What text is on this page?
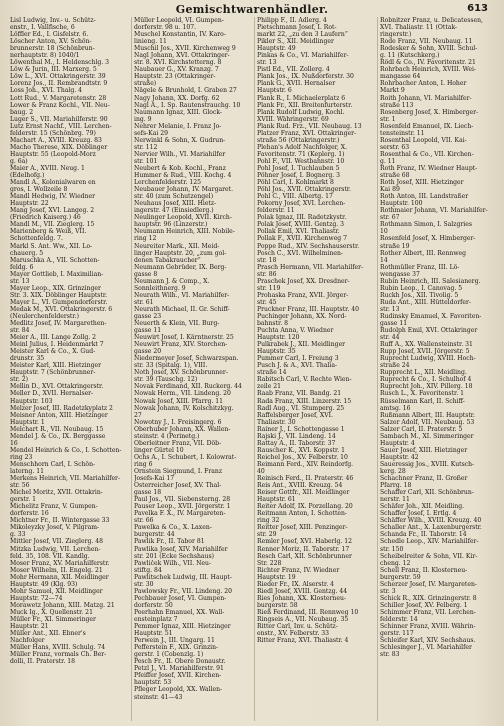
Gemischtwarenhändler.	613

Lisl Ludwig, Inv.- u. Schütz-

enstr., I. Vallfische, 6

Löffler Ed., I. Gisfelstr. 6.

Löscher Anton, XV. Schön-

brunnerstr. 18 (Schönbrun-

nerhauptstr. 8) 1040/1

Löwenthal M., I. Heldenschlg. 3

Löw & Jurin, III. Marxerg. 5

Löw L., XVI. Ottakringerstr. 39

Lorenz Jos., II. Rembrandtstr. 9

Loss Joh., XVI. Thalg. 4

Lott Rud., V. Margaretenstr. 28

Lower & Franz Kochl., VII. Neu-

baug. 2

Luger S., VII. Mariahilferstr. 90

Lutz Ernst Nachf., VIII. Lerchen-

felderstr. 15 (Schönbrg. 79)

Machart A., XVIII. Kreuzg. 83

Macho Therese, XIX. Döblinger

Hauptstr. 55 (Leopold-Morz

g. 6a)

Maier A., XVIII. Neug. 1

(Edelhofg.)

Mandl A., Kolonialwaren en

gros, I. Wollzeile 8

Mandl Hedwig, IV. Wiedner

Hauptstr. 22

Mang Josef, XVI. Langeg. 2

(Friedrich Kaiserg.) 46

Mandl M., VII. Zieglerg. 15

Marienberg & Weiß, VII.

Schottenfeldg. 7.

Markl S. Ant. Ww., XII. Lo-

chauerg. 5

Maruschka A., VII. Schotten-

feldg. 6

Mayer Gottlieb, I. Maximilian-

str. 13

Mayer Leop., XIX. Grinzinger

Str. 3. XIX. Döblinger Hauptstr.

Mayer L., VI. Gumpendorferstr.

Medak M., XVI. Ottakringerstr. 6

(Neulerchenfelderstr.)

Medlitz Josef, IV. Margarethen-

str. 84

Meier A., III. Lange Zollg. 2

Meinl Julius, I. Heidenmarkt 7

Meister Karl & Co., X. Gud-

drunstr. 35

Meister Karl, XIII. Hietzinger

Hauptstr. 7 (Schönbrunner-

str. 2)

Mellin D., XVI. Ottakringerstr.

Meller D., XVII. Hernalser-

Hauptstr. 103

Melzer Josef, III. Radetzkyplatz 2

Meisner Anton, XIII. Hietzinger

Hauptstr. 1

Melchart R., VII. Neubaug. 15

Mendel J. & Co., IX. Berggasse

16

Mendel Heinrich & Co., I. Schotten-

ring 23

Menschhorn Carl, I. Schön-

laterng. 11

Merkens Heinrich, VII. Mariahilfer-

str. 56

Michel Moritz, XVII. Ottakrin-

gerstr. 1

Michelitz Franz, V. Gumpen-

dorferstr. 16

Michtner Fr., II. Wintergasse 33

Mikoleyzky Josef, V. Pilgram-

g. 33

Mittler Josef, VII. Zieglerg. 48

Mitzka Ludwig, VII. Lerchen-

feld. 35, 108. VII. Kandlg.

Moser Franz, XV. Mariahilferstr.

Moser Wilhelm, II. Engelg. 21

Mohr Hermann, XII. Meidlinger

Hauptstr. 49 (Klg. 93)

Mohr Samuel, XII. Meidlinger

Hauptstr. 72—74

Morawetz Johann, XIII. Matzg. 21

Muck Ig., X. Quellenstr. 21

Müller Fr., XI. Simmeringer

Hauptstr. 21

Müller Ant., XII. Ebner's

Nachfolger

Müller Hans, XVIII. Schulg. 74

Müller Franz, vormals Ch. Ber-

dolli, II. Praterstr. 18

Müller Leopold, VI. Gumpen-

dorferstr. 98 u. 107.

Muschel Konstantin, IV. Karo-

linieng. 11

Muschil Jos., XVII. Kirchenweg 9

Nagl Johann, XVI. Ottakringer-

str. 8. XVI. Kirchstetterng. 8

Naubauer G., XV. Kranzg. 7

Hauptstr. 23 (Ottakringer-

straße)

Nägele & Brunhold, I. Graben 27

Nagy Johann, XX. Dorfg. 62

Nagl A., I. Sp. Rautenstrauchg. 10

Naumann Ignaz, XIII. Glock-

ing. 9

Nehrer Melanie, I. Franz Jo-

sefs-Kai 29

Nerwinkl & Sohn, X. Gudrun-

str. 112

Nervier Wilh., VI. Mariahilfer

str. 101

Neubert & Kob. Kochl., Franz

Hummer & Rud., VIII. Kochg. 4

Lerchenfelderstr. 125

Neubauer Johann, IV. Margaret.

str. 40 (zum Schutzengel)

Neuhaus Josef, XIII. Hietz-

ingerstr. 47 (Einsiedlerg.)

Neulinger Leopold, XVII. Kirch-

hauptstr. 96 (Linzerstr.)

Neumann Heinrich, XIII. Nobile-

ring 12

Neureiter Mark., XII. Meid-

linger Hauptstr. 20, „zum gol-

denen Tabakraucher“

Neumann Gebrüder, IX. Berg-

gasse 8

Neumann J. & Comp., X.

Sonnleithnerg. 9

Neurath Wilh., VI. Mariahilfer-

str. 61

Neurath Michael, II. Gr. Schiff-

gasse 23

Neuerth & Klein, VII. Burg-

gasse 11

Neuwirt Josef, I. Kärntnerstr. 25

Neuwirt Franz, XIV. Storchen-

gasse 20

Niedermeyer Josef, Schwarzspan.

str. 33 (Spitalg. 1), VIII.

Noth Josef, XV. Schönbrunner-

str. 39 (Tauschg. 12)

Novak Ferdinand, XII. Ruckerg. 44

Nowak Herm., VII. Lindeng. 20

Nowak Josef, XIII. Pfarrg. 11

Nowak Johann, IV. Kolschitzkyg.

27

Nowotny J., I. Freisingerg. 6

Oberhuber Johann, XX. Wallen-

steinstr. 4 (Perinetg.)

Oberleitner Franz, VII. Döb-

linger Gürtel 10

Ochs A., I. Schubert, I. Kolowrat-

ring 6

Ornstein Siegmund, I. Franz

Josefs-Kai 17

Österreicher Josef, XV. Thal-

gasse 18

Paul Jos., VII. Siebensterng. 28

Pauser Leop., XVII. Jörgerstr. 1

Pavelka F. X., IV. Margareten-

str. 66

Pawelka & Co., X. Laxen-

burgerstr. 44

Pawlik Fr., II. Tabor 81

Pawlika Josef, XIV. Mariahilfer

str. 201 (Ecke Sechshaus)

Pawliček Wilh., VII. Neu-

stiftg. 84

Pawlitschek Ludwig, III. Haupt-

str. 30

Pawlowsky Fr., VII. Lindeng. 20

Pechbauer Josef, VI. Gumpen-

dorferstr. 50

Peerhahn Emanuel, XX. Wall-

ensteinplatz 7

Pemmer Ignaz, XIII. Hietzinger

Hauptstr. 51

Perwein J., III. Ungarg. 11

Pefferstein F., XIX. Grinzin-

gerstr. 1 (Cobenzlg. 1)

Pesch Fr., II. Obere Donaustr.

Petzl J., VI. Mariahilferstr. 91

Pfeiffer Josef, XVII. Kirchen-

hauptstr. 53

Pfleger Leopold, XX. Wallen-

steinstr. 41—43

Philipp F., II. Adlerg. 4

Pietschmann Josef, I. Rot-

markt 22, „zu den 3 Laufern“

Pikler S., XII. Meidlinger

Hauptstr. 49

Pinkas & Co., VI. Mariahilfer-

str. 13

Pistl Ed., VII. Zollerg. 4

Plank Jos., IX. Nußdorferstr. 30

Plank G., XVII. Hernalser

Hauptstr. 6

Plank R., I. Michaelerplatz 6

Plank Fr., XII. Breitenfurterstr.

Plank Rudolf Ludwig, Kochl.

XVIII. Währingerstr. 69

Plank Rud. Frz., VII. Neubaug. 13

Platzer Franz, XVI. Ottakringer-

straße 56 (Ottakringerstr.)

Plehan's Adolf Nachfolger, X.

Favoritenstr. 71 (Keplerg. 1)

Pohl F., VII. Westbahnstr. 10

Pohl Josef, I. Tuchlauben 5

Pöhner Josef, I. Bognerg. 3

Pöhl Carl, I. Kohlmarkt 8

Pöhl Jos., XVII. Ottakringerstr.

Pohl C., VIII. Albertg. 17

Pokorny Josef, XVI. Lerchen-

felderstr. 11

Polak Ignaz, III. Radetzkystr.

Polak Josef, XVIII. Gentzg. 3

Pollak Emil, XVI. Thaliastr.

Pollak F., XVII. Kirchenweg 7

Poppe Rud., XIV. Sechshauserstr.

Posch C., XVI. Wilhelminen-

str. 18

Prasch Hermann, VII. Mariahilfer-

str. 86

Praschek Josef, XX. Dresdner-

str. 119

Prohaska Franz, XVII. Jörger-

str. 45

Pruckner Franz, III. Hauptstr. 40

Puchinger Johann, XX. Nord-

bahnstr. 8

Puchta Anna, V. Wiedner

Hauptstr. 120

Pulkrabek J., XII. Meidlinger

Hauptstr. 35

Pummer Carl, I. Freiung 3

Pusch J. & A., XVI. Thalia-

straße 14

Rabitsch Carl, V. Rechte Wien-

zeile 21

Raab Franz, VII. Bandg. 21

Rada Franz, XIII. Linzerstr. 15

Radl Aug., VI. Stumperg. 25

Raffelsberger Josef, XVI.

Thaliastr. 30

Rainer J., I. Schottengasse 1

Rajski J., VII. Lindeng. 14

Rattay A., II. Taborstr. 37

Rauscher K., XVI. Koppstr. 1

Reichel Jos., XV. Felberstr. 10

Reimann Ferd., XIV. Reindorfg.

40

Reinisch Ferd., II. Praterstr. 46

Reis Ant., XVIII. Kreuzg. 54

Reiser Gottfr., XII. Meidlinger

Hauptstr. 61

Reiter Adolf, IX. Porzellang. 20

Reitmann Anton, I. Schotten-

ring 32

Reitter Josef, XIII. Penzinger-

str. 29

Remler Josef, XVI. Haberlg. 12

Renner Moriz, II. Taborstr. 17

Resch Carl, XII. Schönbrunner

Str. 228

Richter Franz, IV. Wiedner

Hauptstr. 19

Rieder Fr., IX. Alserstr. 4

Riedl Josef, XVIII. Gentzg. 44

Ries Johann, XX. Klosterneu-

burgerstr. 58

Rieß Ferdinand, III. Rennweg 10

Ringseis A., VII. Neubaug. 35

Ritter Carl, Inv. u. Schütz-

enstr., XV. Felberstr. 33

Ritter Franz, XVI. Thaliastr. 4

Robnitzer Franz, u. Delicatessen,

XVI. Thaliastr. 11 (Ottak-

ringerstr.)

Rode Franz, VII. Neubaug. 11

Rodesker & Sohn, XVIII. Schul-

g. 11 (Kutschkerg.)

Rödl & Co., IV. Favoritenstr. 21

Rohrbach Heinrich, XVIII. Wei-

mangasse 64

Rohrbacher Anton, I. Hoher

Markt 9

Roith Johann, VI. Mariahilfer-

straße 113

Rosenberg Josef, X. Himberger-

str. 1

Rosenfeld Emanuel, IX. Liech-

tensteinstr. 11

Rosenthal Leopold, VII. Kai-

serstr. 63

Rosenthal & Co., VII. Kirchen-

g. 11

Roth Franz, IV. Wiedner Haupt-

straße 68

Roth Josef, XIII. Hietzinger

Kai 89

Roth Anton, III. Landstraßer

Hauptstr. 100

Rothmaier Johann, VI. Mariahilfer-

str. 67

Rothmann Simon, I. Salzgries

10

Rosenfeld Josef, X. Himberger-

straße 19

Rother Albert, III. Rennweg

14

Rothmüller Franz, III. Lö-

wengasse 37

Rubin Heinrich, III. Salesianerg.

Rubin Leop., I. Canovag. 5

Ruckh Jos., XII. Tivolig. 5

Ruda Ant., XIII. Hütteldorfer-

str. 13

Rudinsky Emanuel, X. Favoriten-

gasse 11

Rudolph Emil, XVI. Ottakringer

str. 44

Ruff A., XX. Wallensteinstr. 31

Rupp Josef, XVII. Jörgerstr. 5

Ruprecht Ludwig, XVIII. Hoch-

straße 24

Rupprecht L., XII. Meidling.

Ruprecht & Co., I. Schulhof 4

Ruprecht Joh., XIV. Pillerg. 18

Rusch L., X. Favoritenstr. 1

Rüsselmann Karl, II. Schiff-

amtsg. 16

Rußmann Albert, III. Hauptstr.

Salzer Adolf, VII. Neubaug. 53

Salzer Carl, II. Praterstr. 5

Sambach M., XI. Simmeringer

Hauptstr. 4

Sauer Josef, XIII. Hietzinger

Hauptstr. 42

Saueressig Jos., XVIII. Kutsch-

kerg. 28

Schachner Franz, II. Großer

Pfarrg. 18

Schaffer Carl, XII. Schönbrun-

nerstr. 11

Schäfer Joh., XII. Meidling.

Schaffer Josef, I. Ertlg. 4

Schäffer Wilh., XVIII. Kreuzg. 40

Schaller Ant., X. Laxenburgerstr.

Schanda Fr., II. Taborstr. 14

Schedle Leop., XIV. Mariahilfer-

str. 150

Scheibelreiter & Sohn, VII. Kir-

cheng. 12

Schell Franz, II. Klosterneu-

burgerstr. 59

Scherzer Josef, IV. Margareten-

str. 3

Schick R., XIX. Grinzingerstr. 8

Schiller Josef, XV. Felberg. 1

Schimmer Franz, VII. Lerchen-

felderstr. 14

Schinner Franz, XVIII. Währin-

gerstr. 117

Schleifer Karl, XIV. Sechshaus.

Schlesinger J., VI. Mariahilfer

str. 83
